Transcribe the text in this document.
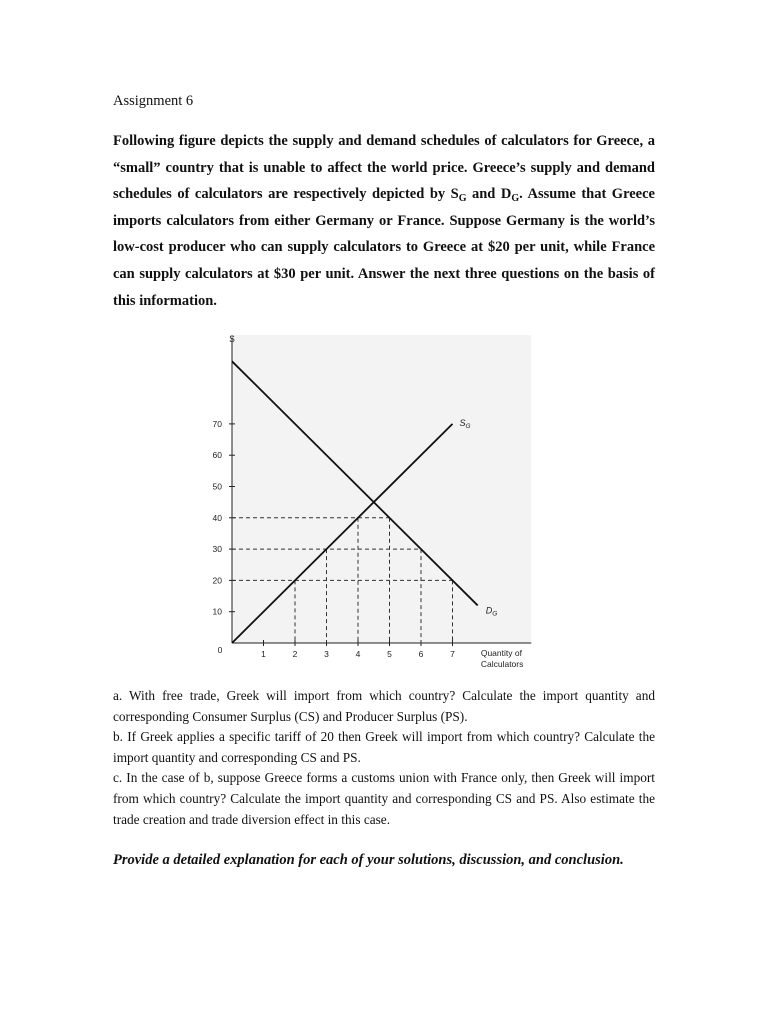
Assignment 6

Following figure depicts the supply and demand schedules of calculators for Greece, a “small” country that is unable to affect the world price. Greece’s supply and demand schedules of calculators are respectively depicted by $S_G$ and $D_G$. Assume that Greece imports calculators from either Germany or France. Suppose Germany is the world’s low-cost producer who can supply calculators to Greece at $20 per unit, while France can supply calculators at $30 per unit. Answer the next three questions on the basis of this information.

10
20
30
40
50
60
70
1	2	3	4	5	6	7
0
$
Quantity of
Calculators
$S_G$
$D_G$

a. With free trade, Greek will import from which country? Calculate the import quantity and corresponding Consumer Surplus (CS) and Producer Surplus (PS).

b. If Greek applies a specific tariff of 20 then Greek will import from which country? Calculate the import quantity and corresponding CS and PS.

c. In the case of b, suppose Greece forms a customs union with France only, then Greek will import from which country? Calculate the import quantity and corresponding CS and PS. Also estimate the trade creation and trade diversion effect in this case.

Provide a detailed explanation for each of your solutions, discussion, and conclusion.
